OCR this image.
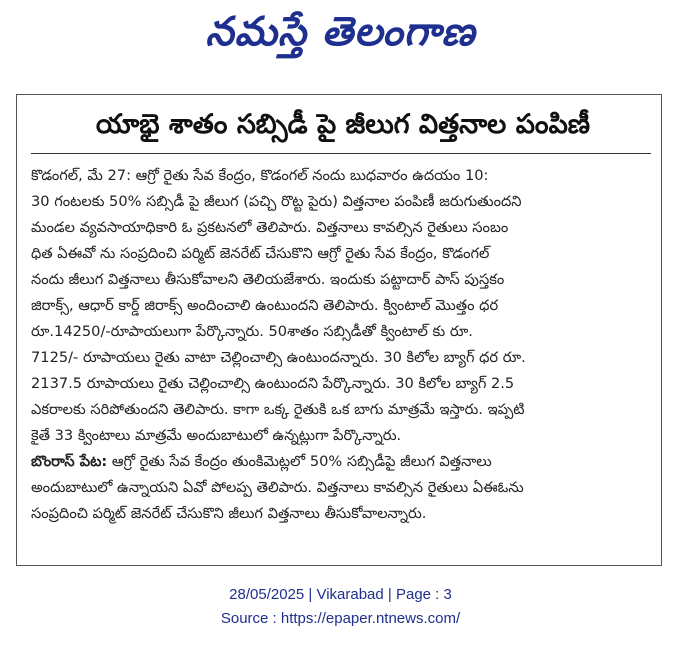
నమస్తే తెలంగాణ
యాభై శాతం సబ్సిడీ పై జీలుగ విత్తనాల పంపిణీ
కొడంగల్, మే 27: ఆగ్రో రైతు సేవ కేంద్రం, కొడంగల్ నందు బుధవారం ఉదయం 10:
30 గంటలకు 50% సబ్సిడీ పై జీలుగ (పచ్చి రొట్ట పైరు) విత్తనాల పంపిణీ జరుగుతుందని
మండల వ్యవసాయాధికారి ఓ ప్రకటనలో తెలిపారు. విత్తనాలు కావల్సిన రైతులు సంబం
ధిత ఏఈవో ను సంప్రదించి పర్మిట్ జెనరేట్ చేసుకొని ఆగ్రో రైతు సేవ కేంద్రం, కొడంగల్
నందు జీలుగ విత్తనాలు తీసుకోవాలని తెలియజేశారు. ఇందుకు పట్టాదార్ పాస్ పుస్తకం
జిరాక్స్, ఆధార్ కార్డ్ జిరాక్స్ అందించాలి ఉంటుందని తెలిపారు. క్వింటాల్ మొత్తం ధర
రూ.14250/-రూపాయలుగా పేర్కొన్నారు. 50శాతం సబ్సిడీతో క్వింటాల్ కు రూ.
7125/- రూపాయలు రైతు వాటా చెల్లించాల్సి ఉంటుందన్నారు. 30 కిలోల బ్యాగ్ ధర రూ.
2137.5 రూపాయలు రైతు చెల్లించాల్సి ఉంటుందని పేర్కొన్నారు. 30 కిలోల బ్యాగ్ 2.5
ఎకరాలకు సరిపోతుందని తెలిపారు. కాగా ఒక్క రైతుకి ఒక బాగు మాత్రమే ఇస్తారు. ఇప్పటి
కైతే 33 క్వింటాలు మాత్రమే అందుబాటులో ఉన్నట్లుగా పేర్కొన్నారు.
బొంరాస్ పేట: ఆగ్రో రైతు సేవ కేంద్రం తుంకిమెట్లలో 50% సబ్సిడీపై జీలుగ విత్తనాలు
అందుబాటులో ఉన్నాయని ఏవో పోలప్ప తెలిపారు. విత్తనాలు కావల్సిన రైతులు ఏఈఓను
సంప్రదించి పర్మిట్ జెనరేట్ చేసుకొని జీలుగ విత్తనాలు తీసుకోవాలన్నారు.
28/05/2025 | Vikarabad | Page : 3
Source : https://epaper.ntnews.com/
